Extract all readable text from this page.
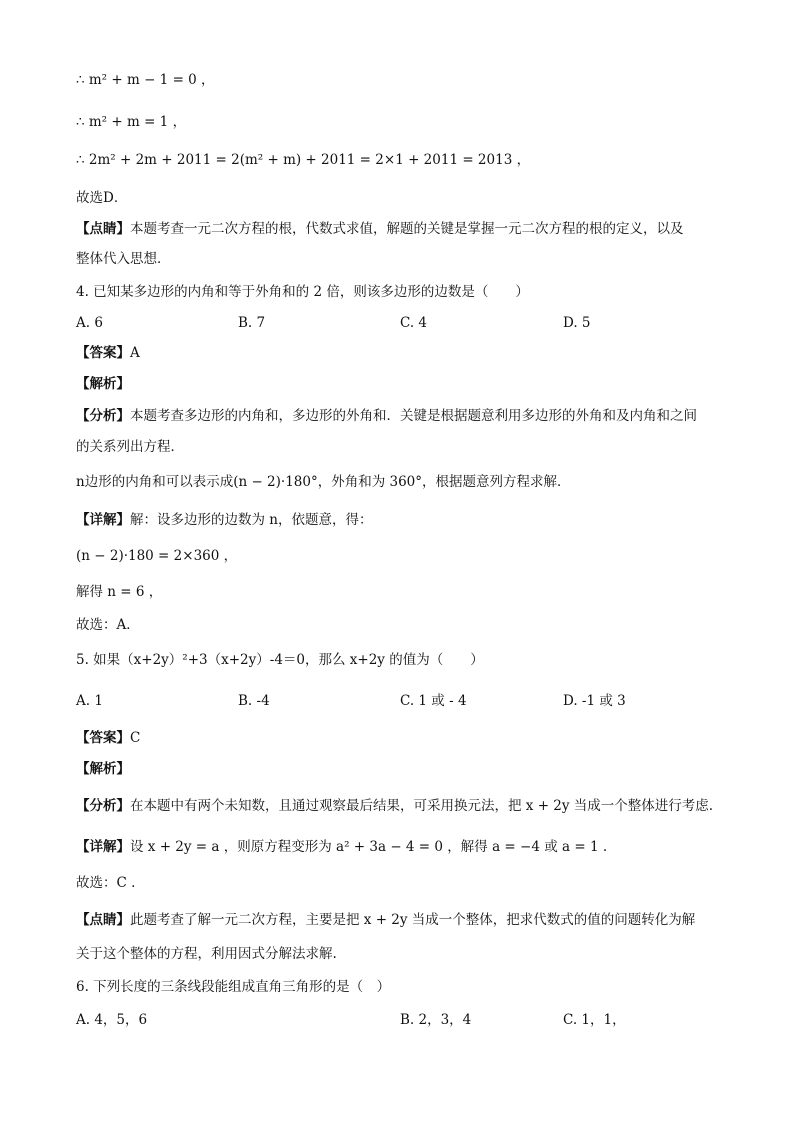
∴ m² + m − 1 = 0 ，
∴ m² + m = 1 ，
∴ 2m² + 2m + 2011 = 2(m² + m) + 2011 = 2×1 + 2011 = 2013 ，
故选D．
【点睛】本题考查一元二次方程的根，代数式求值，解题的关键是掌握一元二次方程的根的定义，以及
整体代入思想．
4. 已知某多边形的内角和等于外角和的 2 倍，则该多边形的边数是（　　）
A. 6	B. 7	C. 4	D. 5
【答案】A
【解析】
【分析】本题考查多边形的内角和，多边形的外角和．关键是根据题意利用多边形的外角和及内角和之间
的关系列出方程．
n边形的内角和可以表示成(n − 2)·180°，外角和为 360°，根据题意列方程求解．
【详解】解：设多边形的边数为 n，依题意，得：
(n − 2)·180 = 2×360 ，
解得 n = 6 ，
故选：A．
5. 如果（x+2y）²+3（x+2y）-4＝0，那么 x+2y 的值为（　　）
A. 1	B. -4	C. 1 或 - 4	D. -1 或 3
【答案】C
【解析】
【分析】在本题中有两个未知数，且通过观察最后结果，可采用换元法，把 x + 2y 当成一个整体进行考虑.
【详解】设 x + 2y = a ，则原方程变形为 a² + 3a − 4 = 0 ，解得 a = −4 或 a = 1 .
故选：C .
【点睛】此题考查了解一元二次方程，主要是把 x + 2y 当成一个整体，把求代数式的值的问题转化为解
关于这个整体的方程，利用因式分解法求解.
6. 下列长度的三条线段能组成直角三角形的是（　）
A. 4，5，6	B. 2，3，4	C. 1，1，
